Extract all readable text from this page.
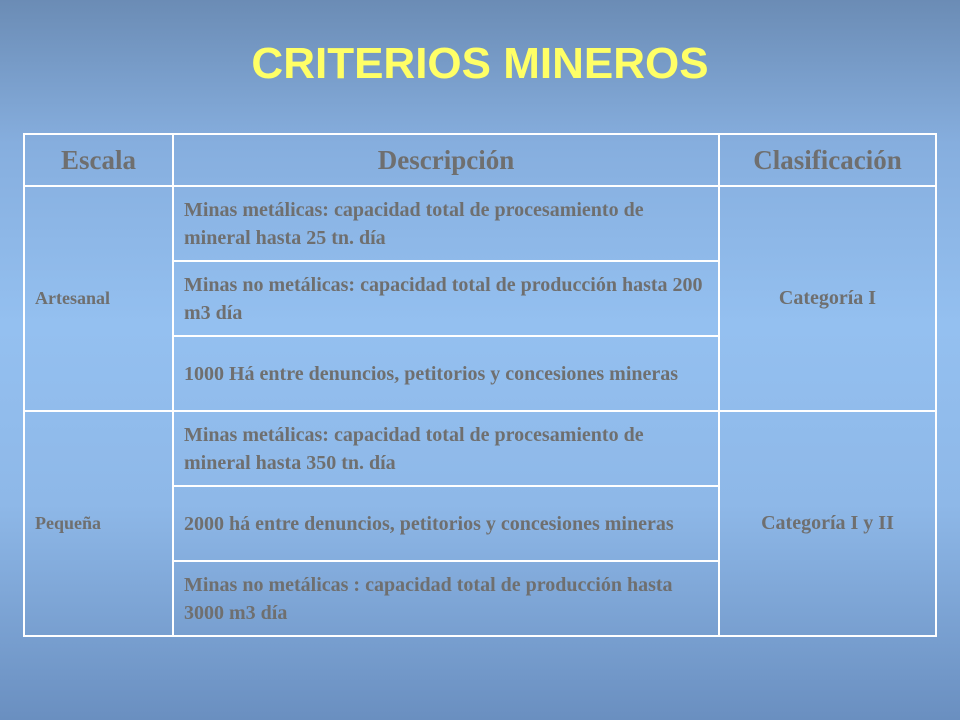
CRITERIOS MINEROS
Escala	Descripción	Clasificación
Artesanal	Minas metálicas: capacidad total de procesamiento de mineral hasta 25 tn. día	Categoría I
	Minas no metálicas: capacidad total de producción hasta 200 m3 día	
	1000 Há entre denuncios, petitorios y concesiones mineras	
Pequeña	Minas metálicas: capacidad total de procesamiento de mineral hasta 350 tn. día	Categoría I y II
	2000 há entre denuncios, petitorios y concesiones mineras	
	Minas no metálicas : capacidad total de producción hasta 3000 m3 día	
